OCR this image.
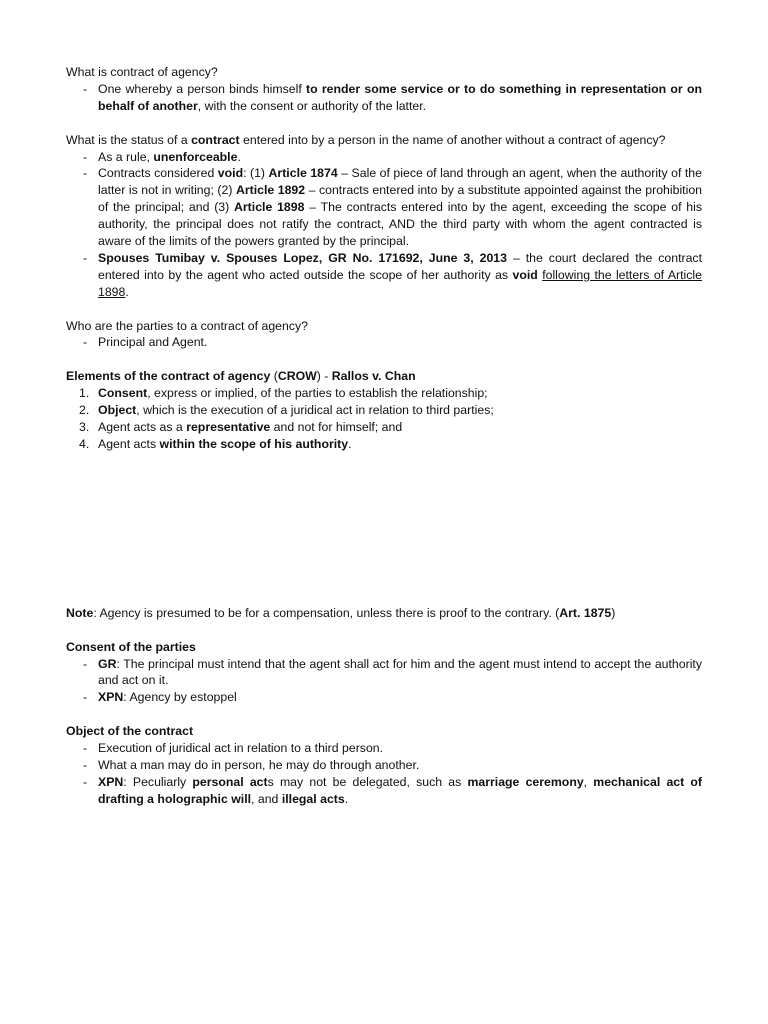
What is contract of agency?

- One whereby a person binds himself to render some service or to do something in representation or on behalf of another, with the consent or authority of the latter.

What is the status of a contract entered into by a person in the name of another without a contract of agency?

- As a rule, unenforceable.
- Contracts considered void: (1) Article 1874 – Sale of piece of land through an agent, when the authority of the latter is not in writing; (2) Article 1892 – contracts entered into by a substitute appointed against the prohibition of the principal; and (3) Article 1898 – The contracts entered into by the agent, exceeding the scope of his authority, the principal does not ratify the contract, AND the third party with whom the agent contracted is aware of the limits of the powers granted by the principal.
- Spouses Tumibay v. Spouses Lopez, GR No. 171692, June 3, 2013 – the court declared the contract entered into by the agent who acted outside the scope of her authority as void following the letters of Article 1898.

Who are the parties to a contract of agency?

- Principal and Agent.

Elements of the contract of agency (CROW) - Rallos v. Chan

1. Consent, express or implied, of the parties to establish the relationship;
2. Object, which is the execution of a juridical act in relation to third parties;
3. Agent acts as a representative and not for himself; and
4. Agent acts within the scope of his authority.

Note: Agency is presumed to be for a compensation, unless there is proof to the contrary. (Art. 1875)

Consent of the parties

- GR: The principal must intend that the agent shall act for him and the agent must intend to accept the authority and act on it.
- XPN: Agency by estoppel

Object of the contract

- Execution of juridical act in relation to a third person.
- What a man may do in person, he may do through another.
- XPN: Peculiarly personal acts may not be delegated, such as marriage ceremony, mechanical act of drafting a holographic will, and illegal acts.
